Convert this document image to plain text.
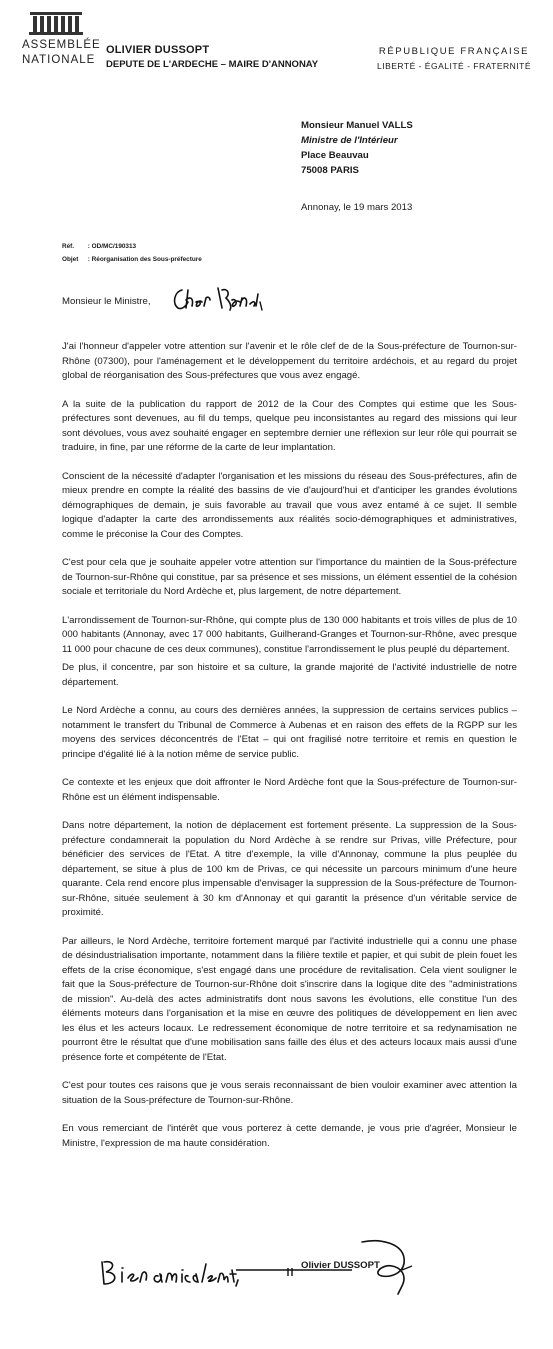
ASSEMBLÉE
NATIONALE
OLIVIER DUSSOPT
DEPUTE DE L'ARDECHE – MAIRE D'ANNONAY
RÉPUBLIQUE FRANÇAISE
LIBERTÉ - ÉGALITÉ - FRATERNITÉ
Monsieur Manuel VALLS
Ministre de l'Intérieur
Place Beauvau
75008 PARIS
Annonay, le 19 mars 2013
Réf. : OD/MC/190313
Objet : Réorganisation des Sous-préfecture
Monsieur le Ministre,

J'ai l'honneur d'appeler votre attention sur l'avenir et le rôle clef de de la Sous-préfecture de Tournon-sur-Rhône (07300), pour l'aménagement et le développement du territoire ardéchois, et au regard du projet global de réorganisation des Sous-préfectures que vous avez engagé.

A la suite de la publication du rapport de 2012 de la Cour des Comptes qui estime que les Sous-préfectures sont devenues, au fil du temps, quelque peu inconsistantes au regard des missions qui leur sont dévolues, vous avez souhaité engager en septembre dernier une réflexion sur leur rôle qui pourrait se traduire, in fine, par une réforme de la carte de leur implantation.

Conscient de la nécessité d'adapter l'organisation et les missions du réseau des Sous-préfectures, afin de mieux prendre en compte la réalité des bassins de vie d'aujourd'hui et d'anticiper les grandes évolutions démographiques de demain, je suis favorable au travail que vous avez entamé à ce sujet. Il semble logique d'adapter la carte des arrondissements aux réalités socio-démographiques et administratives, comme le préconise la Cour des Comptes.

C'est pour cela que je souhaite appeler votre attention sur l'importance du maintien de la Sous-préfecture de Tournon-sur-Rhône qui constitue, par sa présence et ses missions, un élément essentiel de la cohésion sociale et territoriale du Nord Ardèche et, plus largement, de notre département.

L'arrondissement de Tournon-sur-Rhône, qui compte plus de 130 000 habitants et trois villes de plus de 10 000 habitants (Annonay, avec 17 000 habitants, Guilherand-Granges et Tournon-sur-Rhône, avec presque 11 000 pour chacune de ces deux communes), constitue l'arrondissement le plus peuplé du département.

De plus, il concentre, par son histoire et sa culture, la grande majorité de l'activité industrielle de notre département.

Le Nord Ardèche a connu, au cours des dernières années, la suppression de certains services publics – notamment le transfert du Tribunal de Commerce à Aubenas et en raison des effets de la RGPP sur les moyens des services déconcentrés de l'Etat – qui ont fragilisé notre territoire et remis en question le principe d'égalité lié à la notion même de service public.

Ce contexte et les enjeux que doit affronter le Nord Ardèche font que la Sous-préfecture de Tournon-sur-Rhône est un élément indispensable.

Dans notre département, la notion de déplacement est fortement présente. La suppression de la Sous-préfecture condamnerait la population du Nord Ardèche à se rendre sur Privas, ville Préfecture, pour bénéficier des services de l'Etat. A titre d'exemple, la ville d'Annonay, commune la plus peuplée du département, se situe à plus de 100 km de Privas, ce qui nécessite un parcours minimum d'une heure quarante. Cela rend encore plus impensable d'envisager la suppression de la Sous-préfecture de Tournon-sur-Rhône, située seulement à 30 km d'Annonay et qui garantit la présence d'un véritable service de proximité.

Par ailleurs, le Nord Ardèche, territoire fortement marqué par l'activité industrielle qui a connu une phase de désindustrialisation importante, notamment dans la filière textile et papier, et qui subit de plein fouet les effets de la crise économique, s'est engagé dans une procédure de revitalisation. Cela vient souligner le fait que la Sous-préfecture de Tournon-sur-Rhône doit s'inscrire dans la logique dite des "administrations de mission". Au-delà des actes administratifs dont nous savons les évolutions, elle constitue l'un des éléments moteurs dans l'organisation et la mise en œuvre des politiques de développement en lien avec les élus et les acteurs locaux. Le redressement économique de notre territoire et sa redynamisation ne pourront être le résultat que d'une mobilisation sans faille des élus et des acteurs locaux mais aussi d'une présence forte et compétente de l'Etat.

C'est pour toutes ces raisons que je vous serais reconnaissant de bien vouloir examiner avec attention la situation de la Sous-préfecture de Tournon-sur-Rhône.

En vous remerciant de l'intérêt que vous porterez à cette demande, je vous prie d'agréer, Monsieur le Ministre, l'expression de ma haute considération.

Olivier DUSSOPT
